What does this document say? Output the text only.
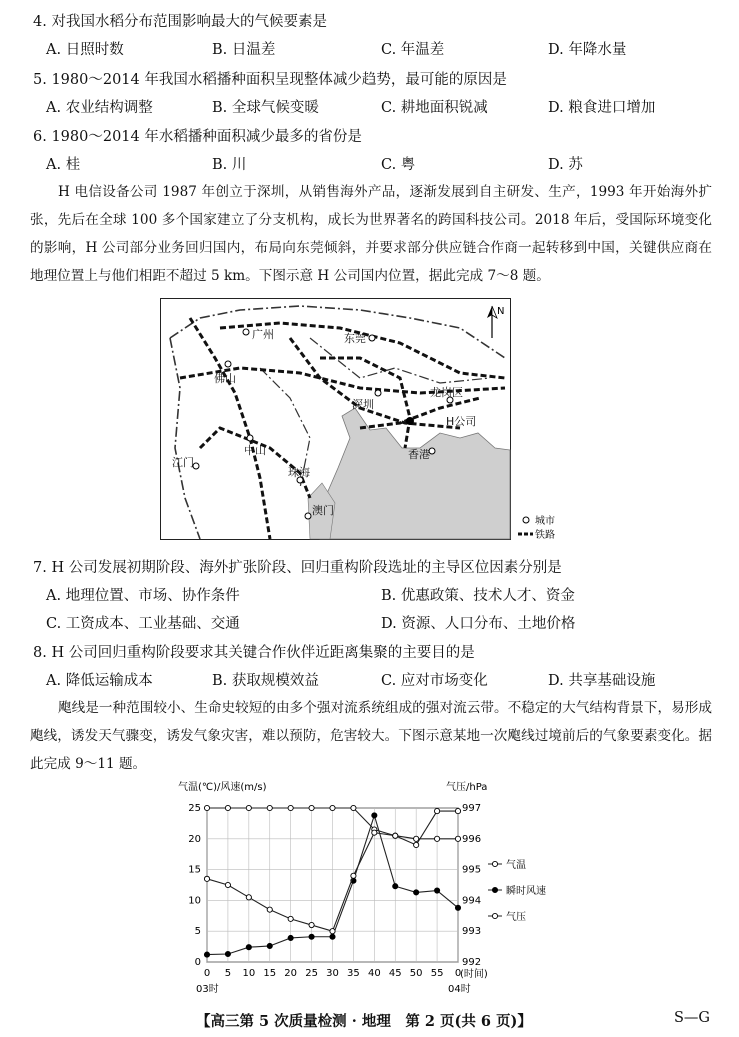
4. 对我国水稻分布范围影响最大的气候要素是
A. 日照时数	B. 日温差	C. 年温差	D. 年降水量
5. 1980～2014 年我国水稻播种面积呈现整体减少趋势，最可能的原因是
A. 农业结构调整	B. 全球气候变暖	C. 耕地面积锐减	D. 粮食进口增加
6. 1980～2014 年水稻播种面积减少最多的省份是
A. 桂	B. 川	C. 粤	D. 苏
H 电信设备公司 1987 年创立于深圳，从销售海外产品，逐渐发展到自主研发、生产，1993 年开始海外扩张，先后在全球 100 多个国家建立了分支机构，成长为世界著名的跨国科技公司。2018 年后，受国际环境变化的影响，H 公司部分业务回归国内，布局向东莞倾斜，并要求部分供应链合作商一起转移到中国，关键供应商在地理位置上与他们相距不超过 5 km。下图示意 H 公司国内位置，据此完成 7～8 题。
广州	东莞
佛山
深圳
龙岗区
H公司
中山
江门
珠海
香港
澳门
N
城市
铁路
7. H 公司发展初期阶段、海外扩张阶段、回归重构阶段选址的主导区位因素分别是
A. 地理位置、市场、协作条件	B. 优惠政策、技术人才、资金
C. 工资成本、工业基础、交通	D. 资源、人口分布、土地价格
8. H 公司回归重构阶段要求其关键合作伙伴近距离集聚的主要目的是
A. 降低运输成本	B. 获取规模效益	C. 应对市场变化	D. 共享基础设施
飑线是一种范围较小、生命史较短的由多个强对流系统组成的强对流云带。不稳定的大气结构背景下，易形成飑线，诱发天气骤变，诱发气象灾害，难以预防，危害较大。下图示意某地一次飑线过境前后的气象要素变化。据此完成 9～11 题。
气温(℃)/风速(m/s)	气压/hPa
03时	04时
(时间)
0
5
10
15
20
25
992
993
994
995
996
997
0 5 10 15 20 25 30 35 40 45 50 55 0
气温
瞬时风速
气压
【高三第 5 次质量检测 · 地理　第 2 页(共 6 页)】	S—G
